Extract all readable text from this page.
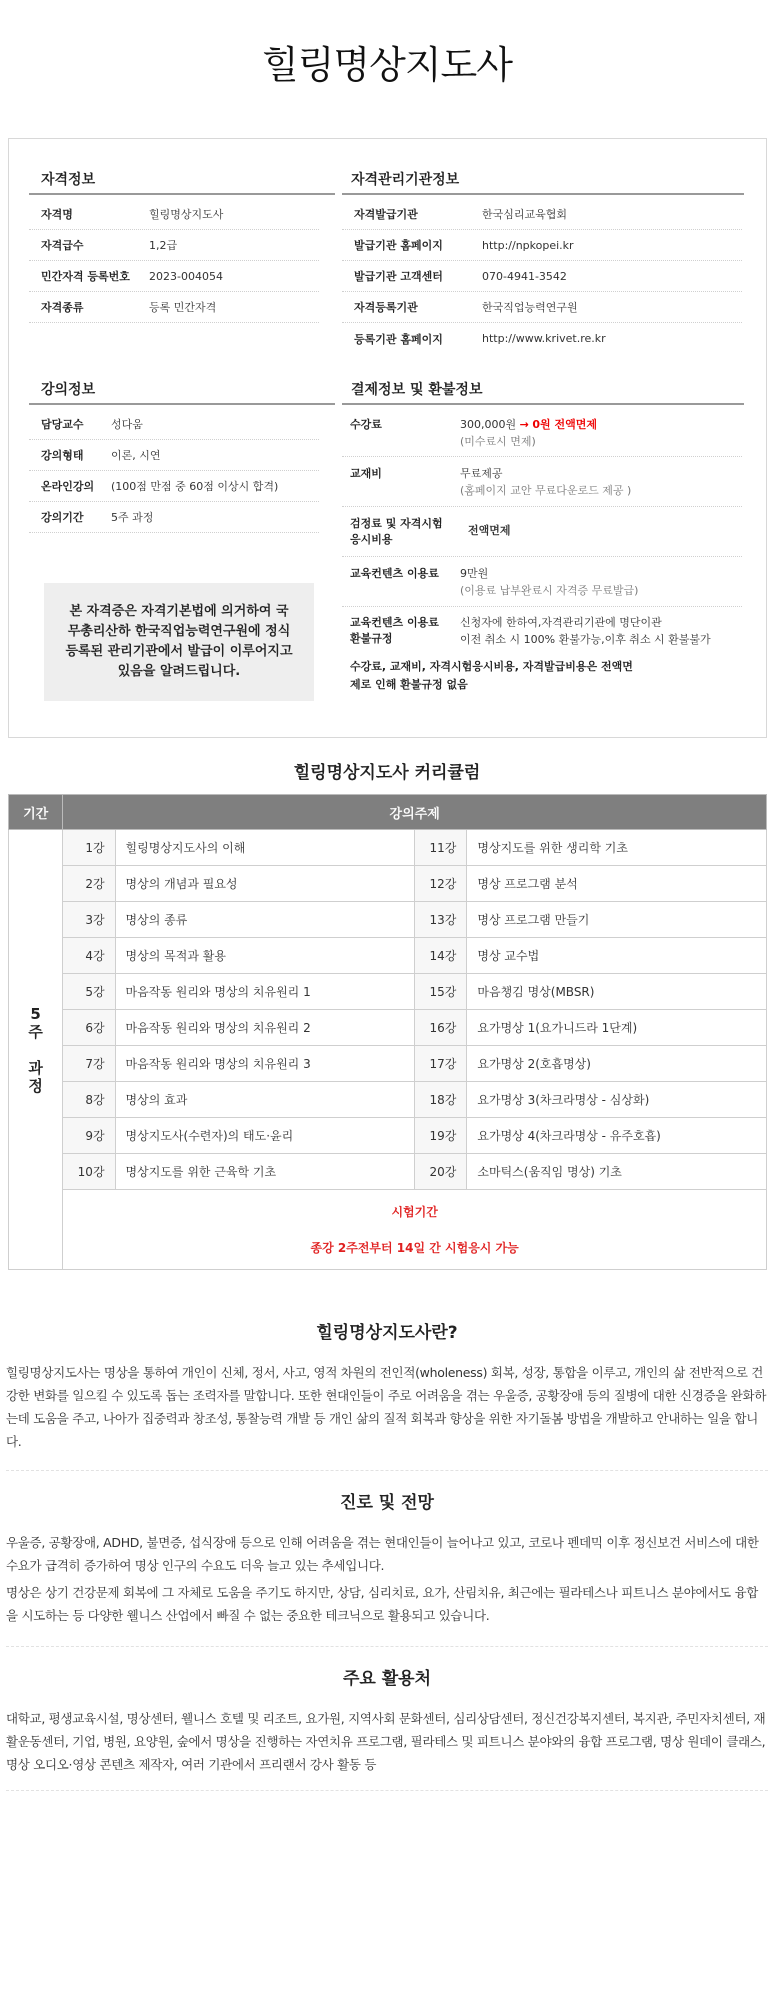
힐링명상지도사
자격정보
자격명	힐링명상지도사
자격급수	1,2급
민간자격 등록번호	2023-004054
자격종류	등록 민간자격
자격관리기관정보
자격발급기관	한국심리교육협회
발급기관 홈페이지	http://npkopei.kr
발급기관 고객센터	070-4941-3542
자격등록기관	한국직업능력연구원
등록기관 홈페이지	http://www.krivet.re.kr
강의정보
담당교수	성다움
강의형태	이론, 시연
온라인강의	(100점 만점 중 60점 이상시 합격)
강의기간	5주 과정
본 자격증은 자격기본법에 의거하여 국무총리산하 한국직업능력연구원에 정식 등록된 관리기관에서 발급이 이루어지고 있음을 알려드립니다.
결제정보 및 환불정보
수강료	300,000원 → 0원 전액면제
(미수료시 면제)
교재비	무료제공
(홈페이지 교안 무료다운로드 제공 )
검정료 및 자격시험 응시비용
전액면제
교육컨텐츠 이용료	9만원
(이용료 납부완료시 자격증 무료발급)
교육컨텐츠 이용료 환불규정
신청자에 한하여,자격관리기관에 명단이관
이전 취소 시 100% 환불가능,이후 취소 시 환불불가
수강료, 교재비, 자격시험응시비용, 자격발급비용은 전액면제로 인해 환불규정 없음
힐링명상지도사 커리큘럼
기간	강의주제			
5
주

과
정	1강	힐링명상지도사의 이해	11강	명상지도를 위한 생리학 기초
	2강	명상의 개념과 필요성	12강	명상 프로그램 분석
	3강	명상의 종류	13강	명상 프로그램 만들기
	4강	명상의 목적과 활용	14강	명상 교수법
	5강	마음작동 원리와 명상의 치유원리 1	15강	마음챙김 명상(MBSR)
	6강	마음작동 원리와 명상의 치유원리 2	16강	요가명상 1(요가니드라 1단계)
	7강	마음작동 원리와 명상의 치유원리 3	17강	요가명상 2(호흡명상)
	8강	명상의 효과	18강	요가명상 3(차크라명상 - 심상화)
	9강	명상지도사(수련자)의 태도·윤리	19강	요가명상 4(차크라명상 - 유주호흡)
	10강	명상지도를 위한 근육학 기초	20강	소마틱스(움직임 명상) 기초

	시험기간
종강 2주전부터 14일 간 시험응시 가능			
힐링명상지도사란?

힐링명상지도사는 명상을 통하여 개인이 신체, 정서, 사고, 영적 차원의 전인적(wholeness) 회복, 성장, 통합을 이루고, 개인의 삶 전반적으로 건강한 변화를 일으킬 수 있도록 돕는 조력자를 말합니다. 또한 현대인들이 주로 어려움을 겪는 우울증, 공황장애 등의 질병에 대한 신경증을 완화하는데 도움을 주고, 나아가 집중력과 창조성, 통찰능력 개발 등 개인 삶의 질적 회복과 향상을 위한 자기돌봄 방법을 개발하고 안내하는 일을 합니다.

진로 및 전망

우울증, 공황장애, ADHD, 불면증, 섭식장애 등으로 인해 어려움을 겪는 현대인들이 늘어나고 있고, 코로나 펜데믹 이후 정신보건 서비스에 대한 수요가 급격히 증가하여 명상 인구의 수요도 더욱 늘고 있는 추세입니다.

명상은 상기 건강문제 회복에 그 자체로 도움을 주기도 하지만, 상담, 심리치료, 요가, 산림치유, 최근에는 필라테스나 피트니스 분야에서도 융합을 시도하는 등 다양한 웰니스 산업에서 빠질 수 없는 중요한 테크닉으로 활용되고 있습니다.

주요 활용처

대학교, 평생교육시설, 명상센터, 웰니스 호텔 및 리조트, 요가원, 지역사회 문화센터, 심리상담센터, 정신건강복지센터, 복지관, 주민자치센터, 재활운동센터, 기업, 병원, 요양원, 숲에서 명상을 진행하는 자연치유 프로그램, 필라테스 및 피트니스 분야와의 융합 프로그램, 명상 원데이 클래스, 명상 오디오·영상 콘텐츠 제작자, 여러 기관에서 프리랜서 강사 활동 등
